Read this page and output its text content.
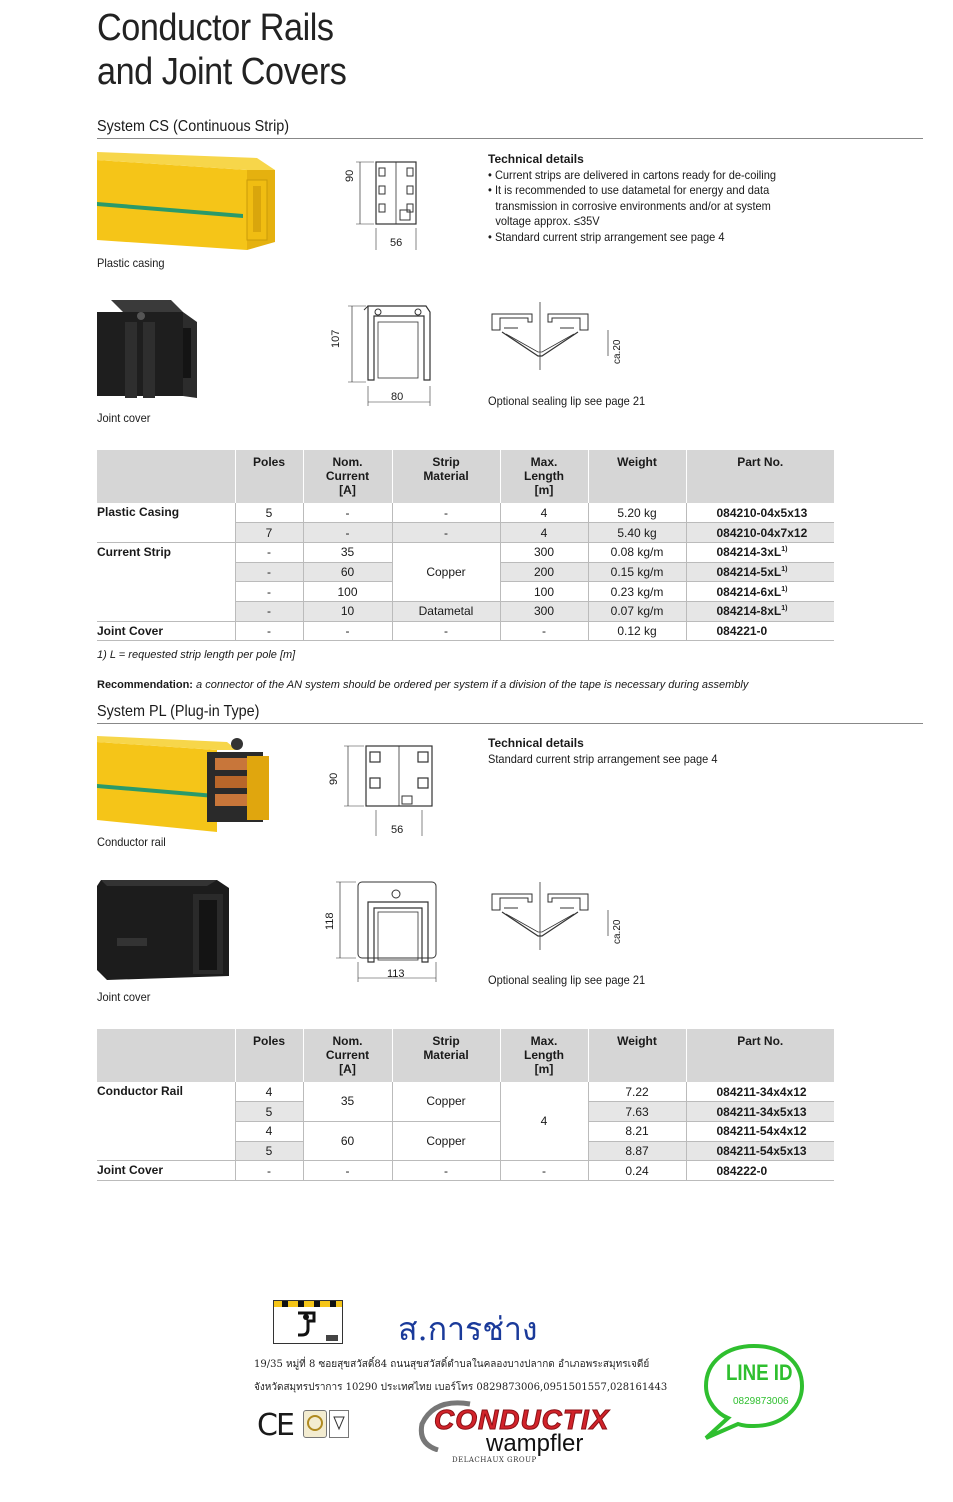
Conductor Rails
and Joint Covers
System CS (Continuous Strip)
Plastic casing
90
56
Technical details
• Current strips are delivered in cartons ready for de-coiling
• It is recommended to use datametal for energy and data transmission in corrosive environments and/or at system voltage approx. ≤35V
• Standard current strip arrangement see page 4
Joint cover
107
80
ca.20
Optional sealing lip see page 21
	Poles	Nom.
Current
[A]	Strip
Material	Max.
Length
[m]	Weight	Part No.
Plastic Casing	5	-	-	4	5.20 kg	084210-04x5x13
	7	-	-	4	5.40 kg	084210-04x7x12
Current Strip	-	35	Copper	300	0.08 kg/m	$084214-3xL^{1)}$
	-	60		200	0.15 kg/m	$084214-5xL^{1)}$
	-	100		100	0.23 kg/m	$084214-6xL^{1)}$
	-	10	Datametal	300	0.07 kg/m	$084214-8xL^{1)}$
Joint Cover	-	-	-	-	0.12 kg	084221-0
1) L = requested strip length per pole [m]
Recommendation: a connector of the AN system should be ordered per system if a division of the tape is necessary during assembly
System PL (Plug-in Type)
Conductor rail
90
56
Technical details
Standard current strip arrangement see page 4
Joint cover
118
113
ca.20
Optional sealing lip see page 21
	Poles	Nom.
Current
[A]	Strip
Material	Max.
Length
[m]	Weight	Part No.
Conductor Rail	4	35	Copper	4	7.22	084211-34x4x12
	5				7.63	084211-34x5x13
	4	60	Copper		8.21	084211-54x4x12
	5				8.87	084211-54x5x13
Joint Cover	-	-	-	-	0.24	084222-0
ส.การช่าง
19/35 หมู่ที่ 8 ซอยสุขสวัสดิ์84 ถนนสุขสวัสดิ์ตำบลในคลองบางปลากด อำเภอพระสมุทรเจดีย์
จังหวัดสมุทรปราการ 10290 ประเทศไทย เบอร์โทร 0829873006,0951501557,028161443
CE	CONDUCTIX
wampfler
DELACHAUX GROUP
LINE ID
0829873006
